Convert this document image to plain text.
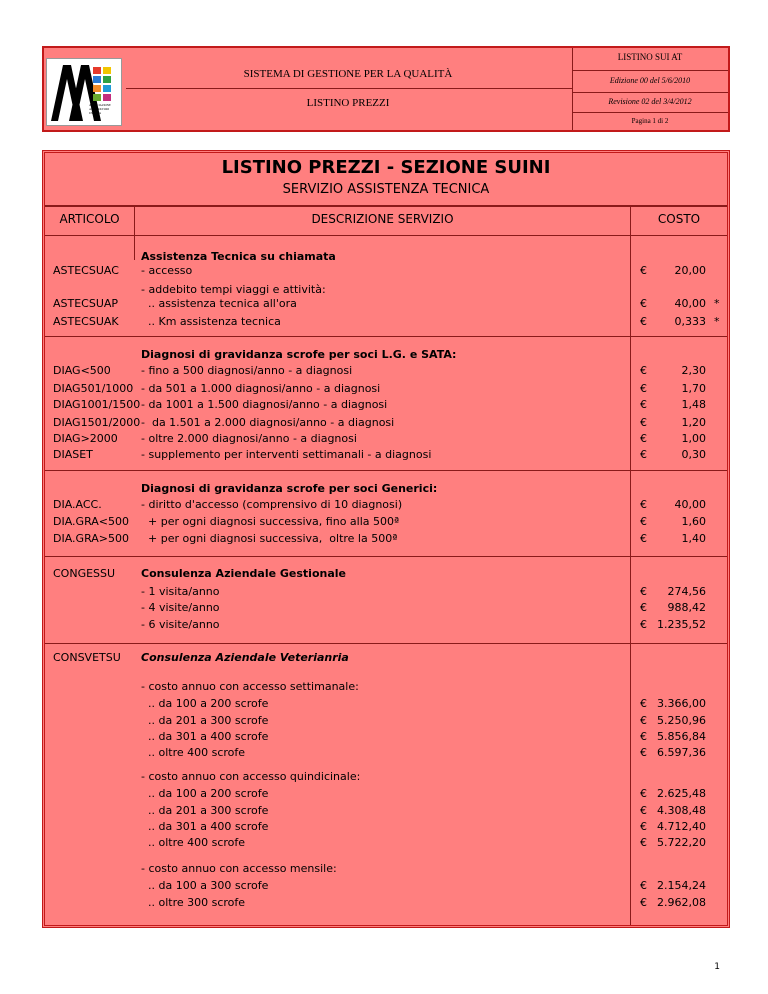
ASSOCIAZIONE AGRICOLTORI UMBRIA
SISTEMA DI GESTIONE PER LA QUALITÀ
LISTINO PREZZI
LISTINO SUI AT
Edizione 00 del 5/6/2010
Revisione 02 del 3/4/2012
Pagina 1 di 2
LISTINO PREZZI - SEZIONE SUINI
SERVIZIO ASSISTENZA TECNICA
ARTICOLO	DESCRIZIONE SERVIZIO	COSTO
Assistenza Tecnica su chiamata
ASTECSUAC	- accesso	€	20,00
- addebito tempi viaggi e attività:
ASTECSUAP	.. assistenza tecnica all'ora	€	40,00 *
ASTECSUAK	.. Km assistenza tecnica	€	0,333 *
Diagnosi di gravidanza scrofe per soci L.G. e SATA:
DIAG<500	- fino a 500 diagnosi/anno - a diagnosi	€	2,30
DIAG501/1000 - da 501 a 1.000 diagnosi/anno - a diagnosi	€	1,70
DIAG1001/1500 - da 1001 a 1.500 diagnosi/anno - a diagnosi	€	1,48
DIAG1501/2000 -  da 1.501 a 2.000 diagnosi/anno - a diagnosi	€	1,20
DIAG>2000	- oltre 2.000 diagnosi/anno - a diagnosi	€	1,00
DIASET	- supplemento per interventi settimanali - a diagnosi	€	0,30
Diagnosi di gravidanza scrofe per soci Generici:
DIA.ACC.	- diritto d'accesso (comprensivo di 10 diagnosi)	€	40,00
DIA.GRA<500	+ per ogni diagnosi successiva, fino alla 500ª	€	1,60
DIA.GRA>500	+ per ogni diagnosi successiva,  oltre la 500ª	€	1,40
CONGESSU	Consulenza Aziendale Gestionale
- 1 visita/anno	€	274,56
- 4 visite/anno	€	988,42
- 6 visite/anno	€ 1.235,52
CONSVETSU	Consulenza Aziendale Veterianria
- costo annuo con accesso settimanale:
.. da 100 a 200 scrofe	€ 3.366,00
.. da 201 a 300 scrofe	€ 5.250,96
.. da 301 a 400 scrofe	€ 5.856,84
.. oltre 400 scrofe	€ 6.597,36
- costo annuo con accesso quindicinale:
.. da 100 a 200 scrofe	€ 2.625,48
.. da 201 a 300 scrofe	€ 4.308,48
.. da 301 a 400 scrofe	€ 4.712,40
.. oltre 400 scrofe	€ 5.722,20
- costo annuo con accesso mensile:
.. da 100 a 300 scrofe	€ 2.154,24
.. oltre 300 scrofe	€ 2.962,08
1
